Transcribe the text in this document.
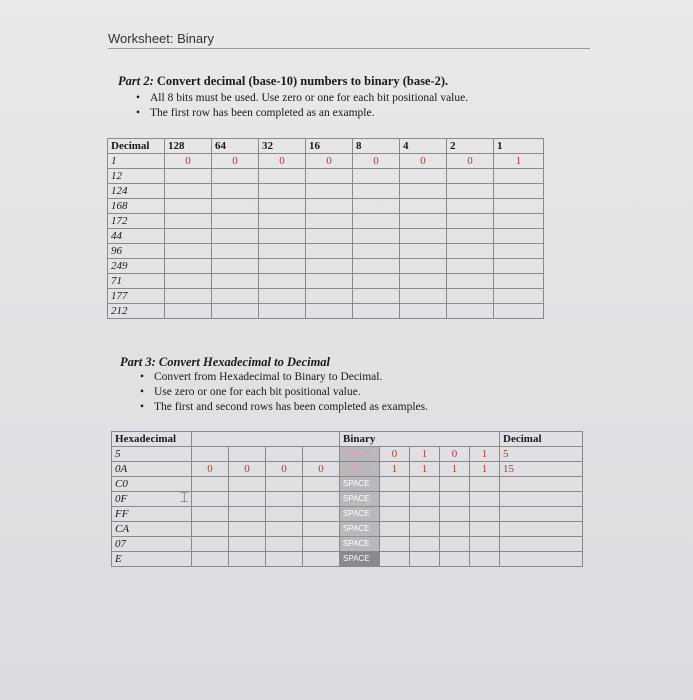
Worksheet: Binary
Part 2: Convert decimal (base-10) numbers to binary (base-2).
• All 8 bits must be used. Use zero or one for each bit positional value.
• The first row has been completed as an example.
Decimal	128	64	32	16	8	4	2	1
1	0	0	0	0	0	0	0	1
12								
124								
168								
172								
44								
96								
249								
71								
177								
212								
Part 3: Convert Hexadecimal to Decimal
• Convert from Hexadecimal to Binary to Decimal.
• Use zero or one for each bit positional value.
• The first and second rows has been completed as examples.
Hexadecimal					Binary					Decimal
5					SPACE	0	1	0	1	5
0A	0	0	0	0	SPACE	1	1	1	1	15
C0					SPACE					
0F					SPACE					
FF					SPACE					
CA					SPACE					
07					SPACE					
E					SPACE					
⌶
